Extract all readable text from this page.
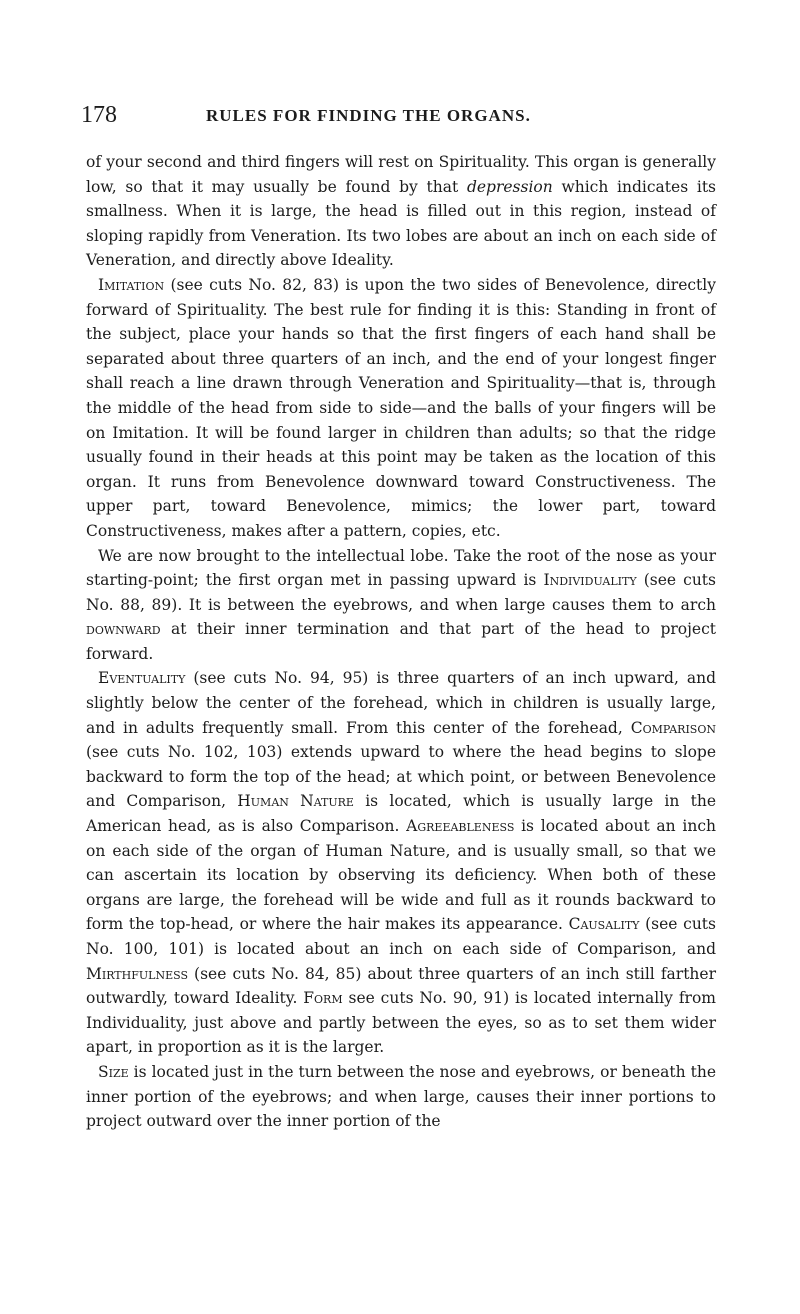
178	RULES FOR FINDING THE ORGANS.

of your second and third fingers will rest on Spirituality. This organ is generally low, so that it may usually be found by that depression which indicates its smallness. When it is large, the head is filled out in this region, instead of sloping rapidly from Veneration. Its two lobes are about an inch on each side of Veneration, and directly above Ideality.

Imitation (see cuts No. 82, 83) is upon the two sides of Benevolence, directly forward of Spirituality. The best rule for finding it is this: Standing in front of the subject, place your hands so that the first fingers of each hand shall be separated about three quarters of an inch, and the end of your longest finger shall reach a line drawn through Veneration and Spirituality—that is, through the middle of the head from side to side—and the balls of your fingers will be on Imitation. It will be found larger in children than adults; so that the ridge usually found in their heads at this point may be taken as the location of this organ. It runs from Benevolence downward toward Constructiveness. The upper part, toward Benevolence, mimics; the lower part, toward Constructiveness, makes after a pattern, copies, etc.

We are now brought to the intellectual lobe. Take the root of the nose as your starting-point; the first organ met in passing upward is Individuality (see cuts No. 88, 89). It is between the eyebrows, and when large causes them to arch downward at their inner termination and that part of the head to project forward.

Eventuality (see cuts No. 94, 95) is three quarters of an inch upward, and slightly below the center of the forehead, which in children is usually large, and in adults frequently small. From this center of the forehead, Comparison (see cuts No. 102, 103) extends upward to where the head begins to slope backward to form the top of the head; at which point, or between Benevolence and Comparison, Human Nature is located, which is usually large in the American head, as is also Comparison. Agreeableness is located about an inch on each side of the organ of Human Nature, and is usually small, so that we can ascertain its location by observing its deficiency. When both of these organs are large, the forehead will be wide and full as it rounds backward to form the top-head, or where the hair makes its appearance. Causality (see cuts No. 100, 101) is located about an inch on each side of Comparison, and Mirthfulness (see cuts No. 84, 85) about three quarters of an inch still farther outwardly, toward Ideality. Form see cuts No. 90, 91) is located internally from Individuality, just above and partly between the eyes, so as to set them wider apart, in proportion as it is the larger.

Size is located just in the turn between the nose and eyebrows, or beneath the inner portion of the eyebrows; and when large, causes their inner portions to project outward over the inner portion of the
